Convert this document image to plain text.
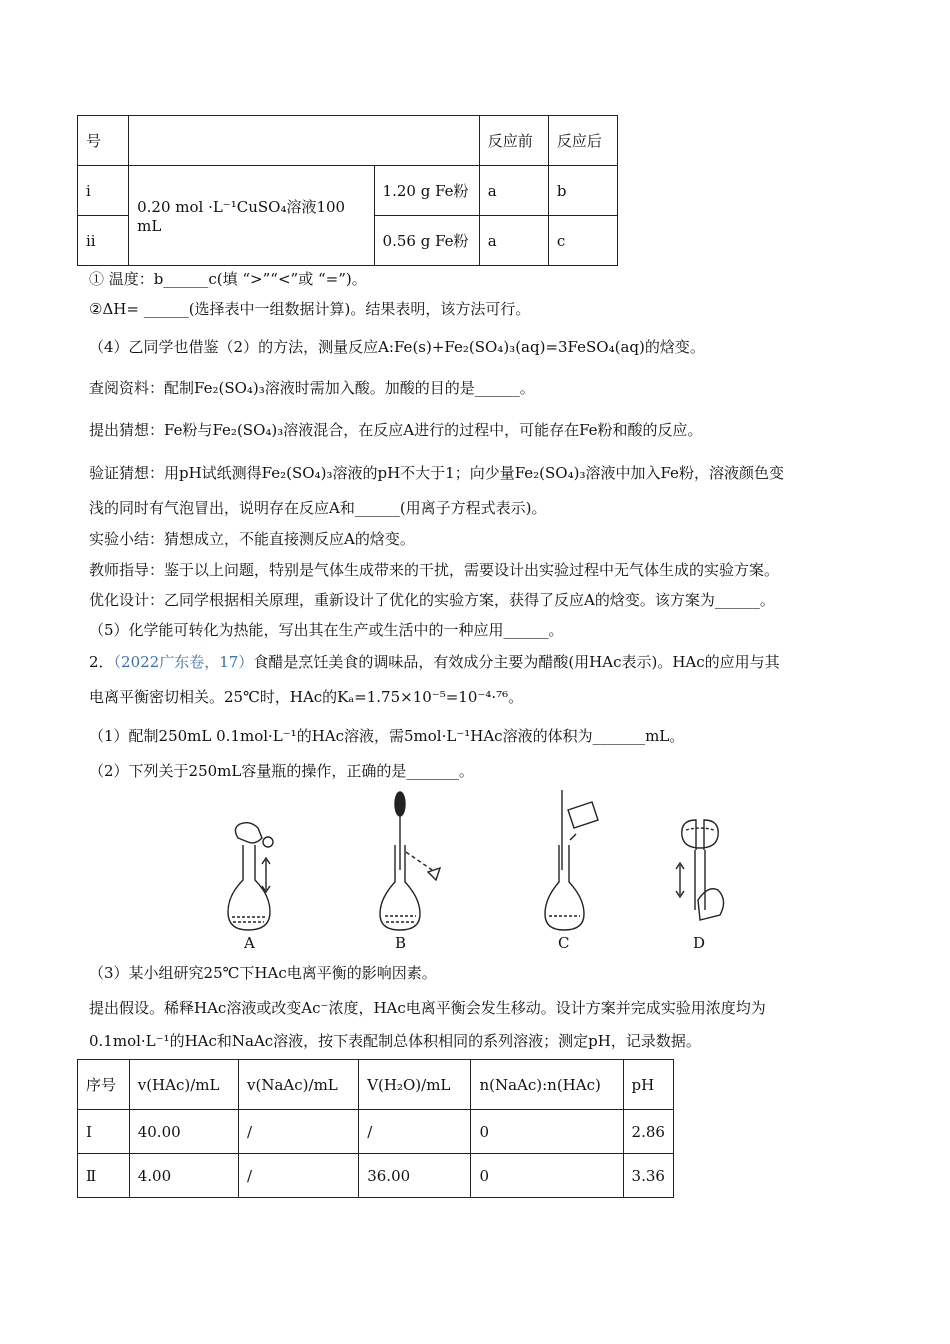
号			反应前	反应后
i	0.20 mol ·L⁻¹CuSO₄溶液100 mL	1.20 g Fe粉	a	b
ii		0.56 g Fe粉	a	c
① 温度：b______c(填 “>”“<”或 “=”)。
②ΔH= ______(选择表中一组数据计算)。结果表明，该方法可行。
（4）乙同学也借鉴（2）的方法，测量反应A:Fe(s)+Fe₂(SO₄)₃(aq)=3FeSO₄(aq)的焓变。
查阅资料：配制Fe₂(SO₄)₃溶液时需加入酸。加酸的目的是______。
提出猜想：Fe粉与Fe₂(SO₄)₃溶液混合，在反应A进行的过程中，可能存在Fe粉和酸的反应。
验证猜想：用pH试纸测得Fe₂(SO₄)₃溶液的pH不大于1；向少量Fe₂(SO₄)₃溶液中加入Fe粉，溶液颜色变
浅的同时有气泡冒出，说明存在反应A和______(用离子方程式表示)。
实验小结：猜想成立，不能直接测反应A的焓变。
教师指导：鉴于以上问题，特别是气体生成带来的干扰，需要设计出实验过程中无气体生成的实验方案。
优化设计：乙同学根据相关原理，重新设计了优化的实验方案，获得了反应A的焓变。该方案为______。
（5）化学能可转化为热能，写出其在生产或生活中的一种应用______。
2．（2022广东卷，17）食醋是烹饪美食的调味品，有效成分主要为醋酸(用HAc表示)。HAc的应用与其
电离平衡密切相关。25℃时，HAc的Kₐ=1.75×10⁻⁵=10⁻⁴·⁷⁶。
（1）配制250mL 0.1mol·L⁻¹的HAc溶液，需5mol·L⁻¹HAc溶液的体积为_______mL。
（2）下列关于250mL容量瓶的操作，正确的是_______。
A	B	C	D
（3）某小组研究25℃下HAc电离平衡的影响因素。
提出假设。稀释HAc溶液或改变Ac⁻浓度，HAc电离平衡会发生移动。设计方案并完成实验用浓度均为
0.1mol·L⁻¹的HAc和NaAc溶液，按下表配制总体积相同的系列溶液；测定pH，记录数据。
序号	v(HAc)/mL	v(NaAc)/mL	V(H₂O)/mL	n(NaAc):n(HAc)	pH
Ⅰ	40.00	/	/	0	2.86
Ⅱ	4.00	/	36.00	0	3.36
